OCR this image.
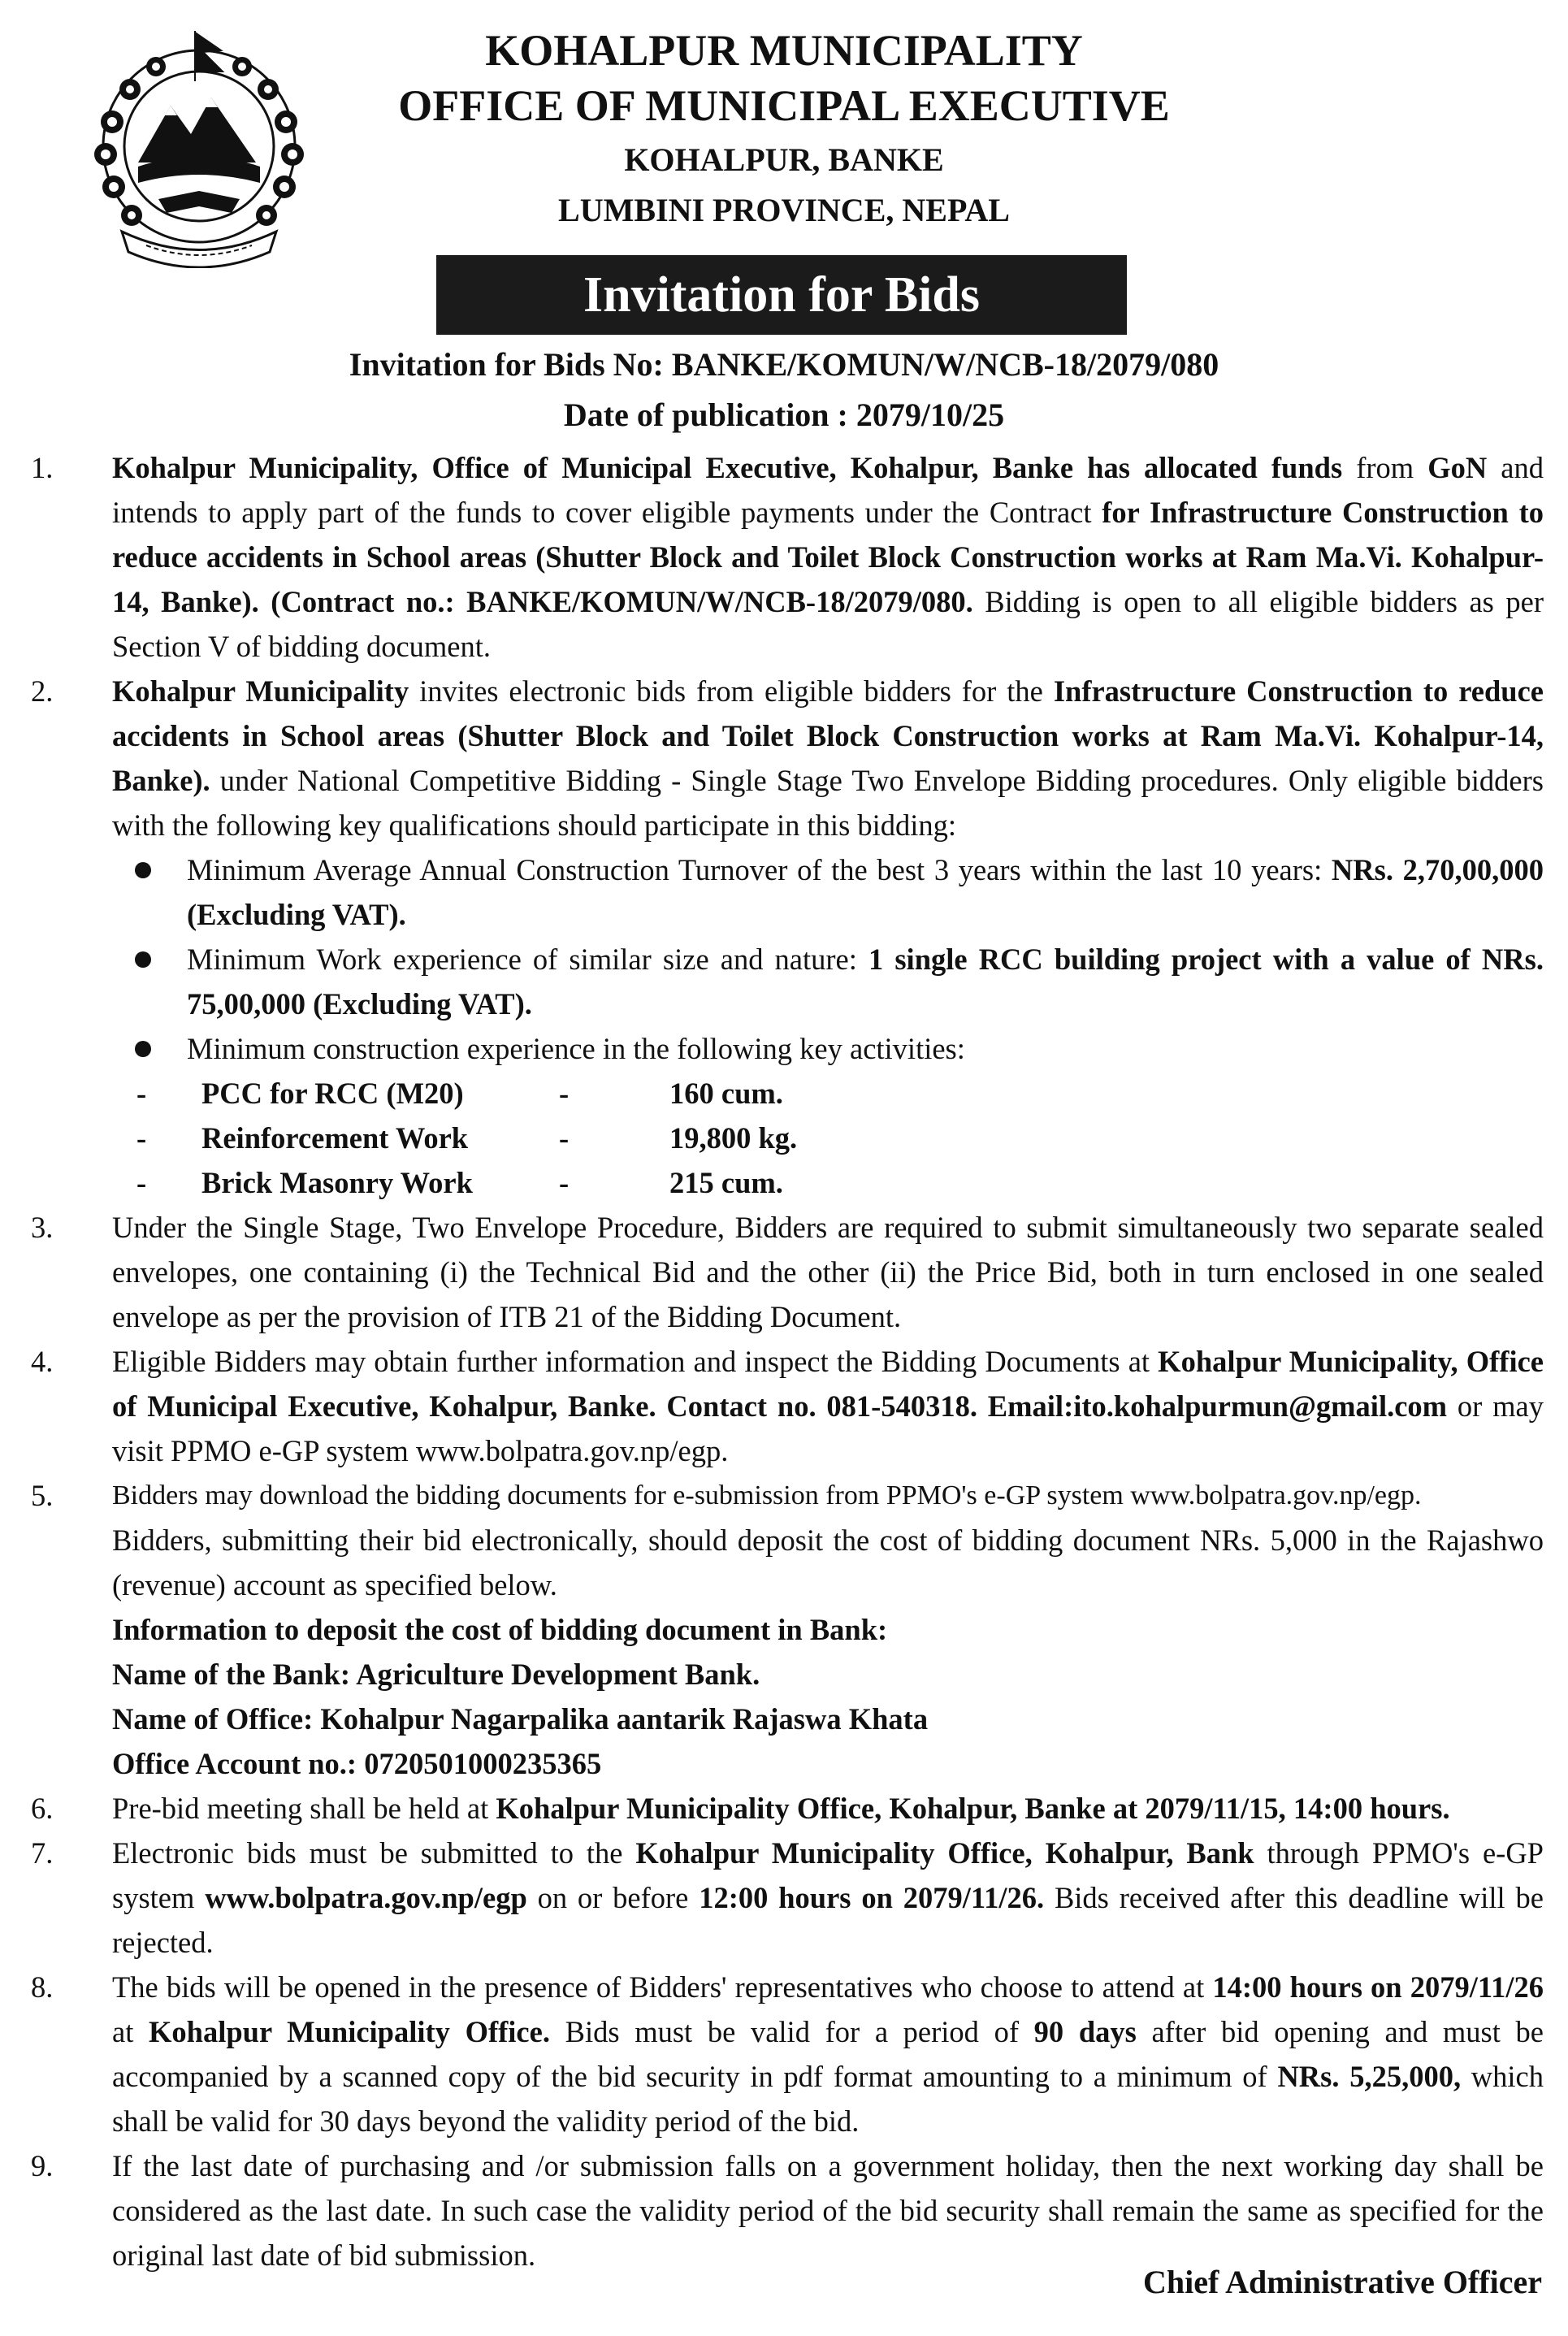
KOHALPUR MUNICIPALITY
OFFICE OF MUNICIPAL EXECUTIVE
KOHALPUR, BANKE
LUMBINI PROVINCE, NEPAL
Invitation for Bids
Invitation for Bids No: BANKE/KOMUN/W/NCB-18/2079/080
Date of publication : 2079/10/25
1. Kohalpur Municipality, Office of Municipal Executive, Kohalpur, Banke has allocated funds from GoN and intends to apply part of the funds to cover eligible payments under the Contract for Infrastructure Construction to reduce accidents in School areas (Shutter Block and Toilet Block Construction works at Ram Ma.Vi. Kohalpur-14, Banke). (Contract no.: BANKE/KOMUN/W/NCB-18/2079/080. Bidding is open to all eligible bidders as per Section V of bidding document.
2. Kohalpur Municipality invites electronic bids from eligible bidders for the Infrastructure Construction to reduce accidents in School areas (Shutter Block and Toilet Block Construction works at Ram Ma.Vi. Kohalpur-14, Banke). under National Competitive Bidding - Single Stage Two Envelope Bidding procedures. Only eligible bidders with the following key qualifications should participate in this bidding:
Minimum Average Annual Construction Turnover of the best 3 years within the last 10 years: NRs. 2,70,00,000 (Excluding VAT).
Minimum Work experience of similar size and nature: 1 single RCC building project with a value of NRs. 75,00,000 (Excluding VAT).
Minimum construction experience in the following key activities:
-	PCC for RCC (M20)	-	160 cum.
-	Reinforcement Work	-	19,800 kg.
-	Brick Masonry Work	-	215 cum.
3. Under the Single Stage, Two Envelope Procedure, Bidders are required to submit simultaneously two separate sealed envelopes, one containing (i) the Technical Bid and the other (ii) the Price Bid, both in turn enclosed in one sealed envelope as per the provision of ITB 21 of the Bidding Document.
4. Eligible Bidders may obtain further information and inspect the Bidding Documents at Kohalpur Municipality, Office of Municipal Executive, Kohalpur, Banke. Contact no. 081-540318. Email:ito.kohalpurmun@gmail.com or may visit PPMO e-GP system www.bolpatra.gov.np/egp.
5. Bidders may download the bidding documents for e-submission from PPMO's e-GP system www.bolpatra.gov.np/egp.
Bidders, submitting their bid electronically, should deposit the cost of bidding document NRs. 5,000 in the Rajashwo (revenue) account as specified below.
Information to deposit the cost of bidding document in Bank:
Name of the Bank: Agriculture Development Bank.
Name of Office: Kohalpur Nagarpalika aantarik Rajaswa Khata
Office Account no.: 0720501000235365
6. Pre-bid meeting shall be held at Kohalpur Municipality Office, Kohalpur, Banke at 2079/11/15, 14:00 hours.
7. Electronic bids must be submitted to the Kohalpur Municipality Office, Kohalpur, Bank through PPMO's e-GP system www.bolpatra.gov.np/egp on or before 12:00 hours on 2079/11/26. Bids received after this deadline will be rejected.
8. The bids will be opened in the presence of Bidders' representatives who choose to attend at 14:00 hours on 2079/11/26 at Kohalpur Municipality Office. Bids must be valid for a period of 90 days after bid opening and must be accompanied by a scanned copy of the bid security in pdf format amounting to a minimum of NRs. 5,25,000, which shall be valid for 30 days beyond the validity period of the bid.
9. If the last date of purchasing and /or submission falls on a government holiday, then the next working day shall be considered as the last date. In such case the validity period of the bid security shall remain the same as specified for the original last date of bid submission.
Chief Administrative Officer
